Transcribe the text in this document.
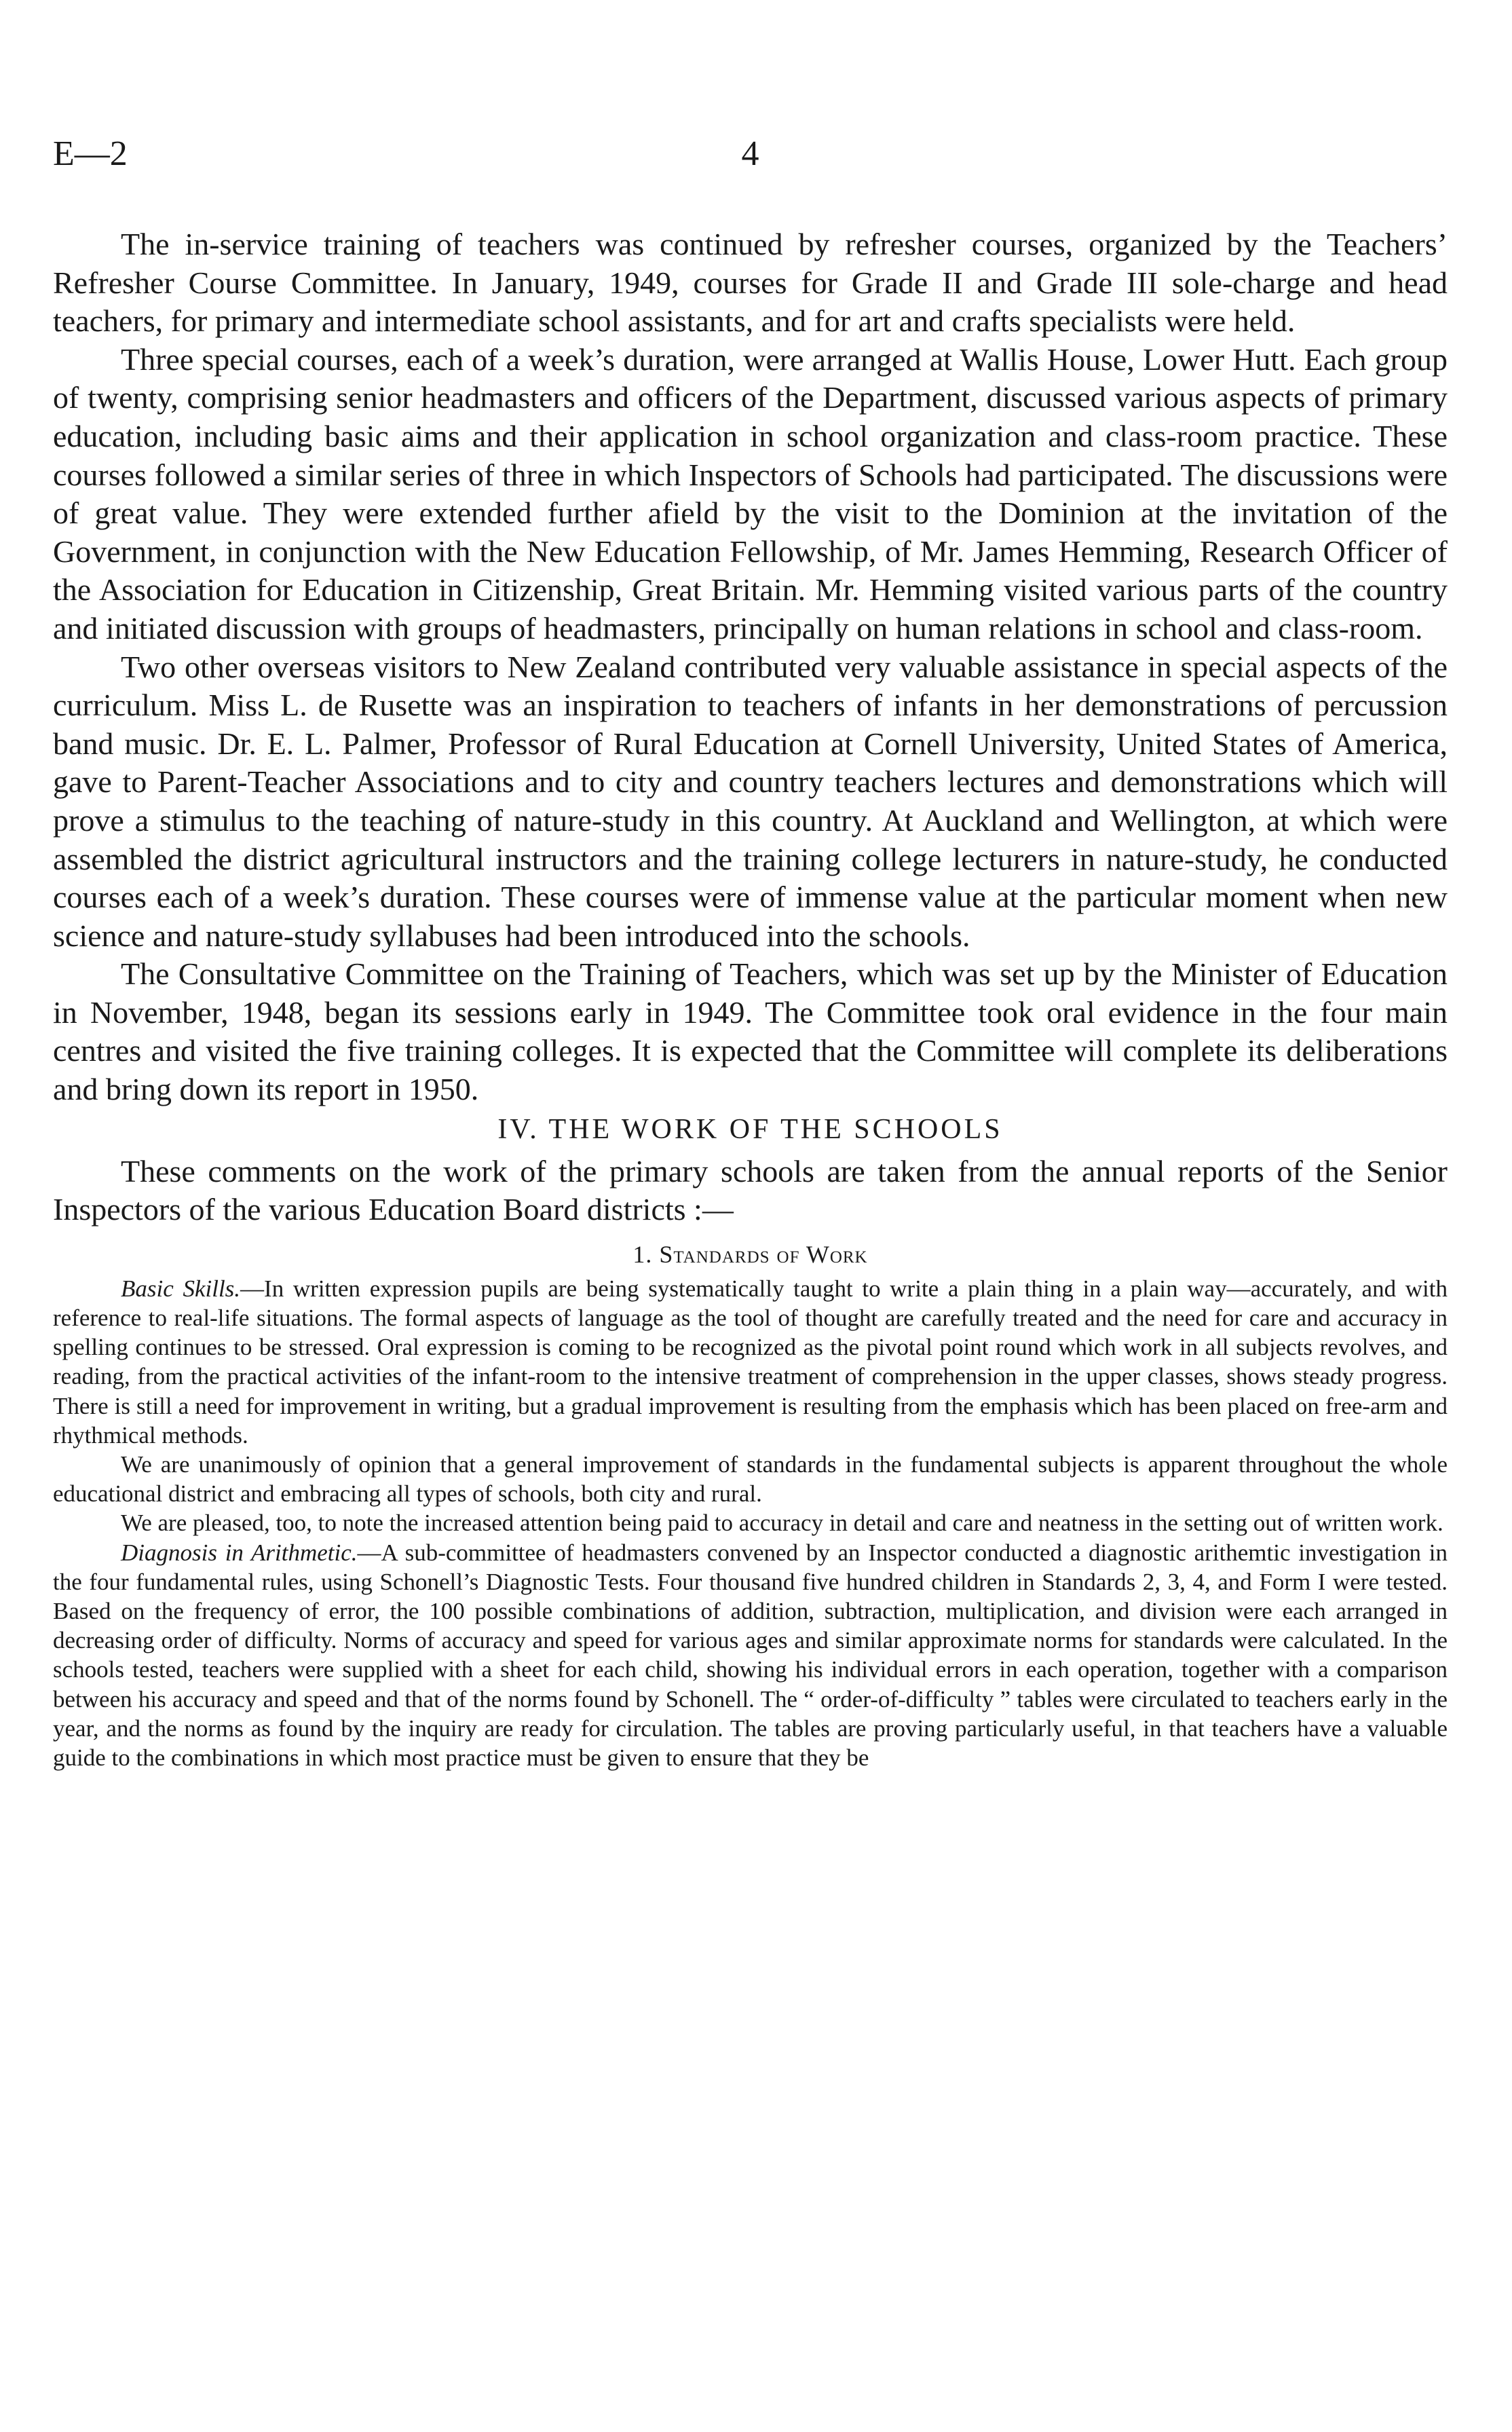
E—2	4

The in-service training of teachers was continued by refresher courses, organized by the Teachers’ Refresher Course Committee. In January, 1949, courses for Grade II and Grade III sole-charge and head teachers, for primary and intermediate school assistants, and for art and crafts specialists were held.

Three special courses, each of a week’s duration, were arranged at Wallis House, Lower Hutt. Each group of twenty, comprising senior headmasters and officers of the Department, discussed various aspects of primary education, including basic aims and their application in school organization and class-room practice. These courses followed a similar series of three in which Inspectors of Schools had participated. The discussions were of great value. They were extended further afield by the visit to the Dominion at the invitation of the Government, in conjunction with the New Education Fellowship, of Mr. James Hemming, Research Officer of the Association for Education in Citizenship, Great Britain. Mr. Hemming visited various parts of the country and initiated discussion with groups of headmasters, principally on human relations in school and class-room.

Two other overseas visitors to New Zealand contributed very valuable assistance in special aspects of the curriculum. Miss L. de Rusette was an inspiration to teachers of infants in her demonstrations of percussion band music. Dr. E. L. Palmer, Professor of Rural Education at Cornell University, United States of America, gave to Parent-Teacher Associations and to city and country teachers lectures and demonstrations which will prove a stimulus to the teaching of nature-study in this country. At Auckland and Wellington, at which were assembled the district agricultural instructors and the training college lecturers in nature-study, he conducted courses each of a week’s duration. These courses were of immense value at the particular moment when new science and nature-study syllabuses had been introduced into the schools.

The Consultative Committee on the Training of Teachers, which was set up by the Minister of Education in November, 1948, began its sessions early in 1949. The Committee took oral evidence in the four main centres and visited the five training colleges. It is expected that the Committee will complete its deliberations and bring down its report in 1950.

IV. THE WORK OF THE SCHOOLS

These comments on the work of the primary schools are taken from the annual reports of the Senior Inspectors of the various Education Board districts :—

1. Standards of Work

Basic Skills.—In written expression pupils are being systematically taught to write a plain thing in a plain way—accurately, and with reference to real-life situations. The formal aspects of language as the tool of thought are carefully treated and the need for care and accuracy in spelling continues to be stressed. Oral expression is coming to be recognized as the pivotal point round which work in all subjects revolves, and reading, from the practical activities of the infant-room to the intensive treatment of comprehension in the upper classes, shows steady progress. There is still a need for improvement in writing, but a gradual improvement is resulting from the emphasis which has been placed on free-arm and rhythmical methods.

We are unanimously of opinion that a general improvement of standards in the fundamental subjects is apparent throughout the whole educational district and embracing all types of schools, both city and rural.

We are pleased, too, to note the increased attention being paid to accuracy in detail and care and neatness in the setting out of written work.

Diagnosis in Arithmetic.—A sub-committee of headmasters convened by an Inspector conducted a diagnostic arithemtic investigation in the four fundamental rules, using Schonell’s Diagnostic Tests. Four thousand five hundred children in Standards 2, 3, 4, and Form I were tested. Based on the frequency of error, the 100 possible combinations of addition, subtraction, multiplication, and division were each arranged in decreasing order of difficulty. Norms of accuracy and speed for various ages and similar approximate norms for standards were calculated. In the schools tested, teachers were supplied with a sheet for each child, showing his individual errors in each operation, together with a comparison between his accuracy and speed and that of the norms found by Schonell. The “ order-of-difficulty ” tables were circulated to teachers early in the year, and the norms as found by the inquiry are ready for circulation. The tables are proving particularly useful, in that teachers have a valuable guide to the combinations in which most practice must be given to ensure that they be
